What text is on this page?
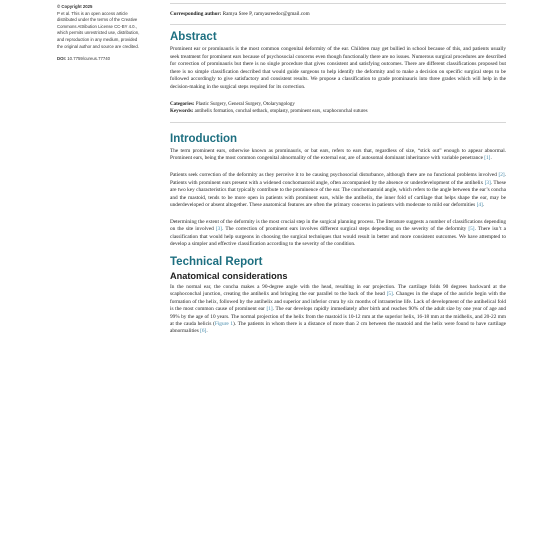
© Copyright 2025
P et al. This is an open access article
distributed under the terms of the Creative
Commons Attribution License CC-BY 4.0.,
which permits unrestricted use, distribution,
and reproduction in any medium, provided
the original author and source are credited.
DOI: 10.7759/cureus.77740
Corresponding author: Ramya Sree P, ramyasreedoc@gmail.com
Abstract

Prominent ear or prominauris is the most common congenital deformity of the ear. Children may get bullied in school because of this, and patients usually seek treatment for prominent ears because of psychosocial concerns even though functionally there are no issues. Numerous surgical procedures are described for correction of prominauris but there is no single procedure that gives consistent and satisfying outcomes. There are different classifications proposed but there is no simple classification described that would guide surgeons to help identify the deformity and to make a decision on specific surgical steps to be followed accordingly to give satisfactory and consistent results. We propose a classification to grade prominauris into three grades which will help in the decision-making in the surgical steps required for its correction.

Categories: Plastic Surgery, General Surgery, Otolaryngology
Keywords: antihelix formation, conchal setback, otoplasty, prominent ears, scaphoconchal sutures
Introduction

The term prominent ears, otherwise known as prominauris, or bat ears, refers to ears that, regardless of size, “stick out” enough to appear abnormal. Prominent ears, being the most common congenital abnormality of the external ear, are of autosomal dominant inheritance with variable penetrance [1].

Patients seek correction of the deformity as they perceive it to be causing psychosocial disturbance, although there are no functional problems involved [2]. Patients with prominent ears present with a widened conchomastoid angle, often accompanied by the absence or underdevelopment of the antihelix [3]. These are two key characteristics that typically contribute to the prominence of the ear. The conchomastoid angle, which refers to the angle between the ear’s concha and the mastoid, tends to be more open in patients with prominent ears, while the antihelix, the inner fold of cartilage that helps shape the ear, may be underdeveloped or absent altogether. These anatomical features are often the primary concerns in patients with moderate to mild ear deformities [4].

Determining the extent of the deformity is the most crucial step in the surgical planning process. The literature suggests a number of classifications depending on the site involved [3]. The correction of prominent ears involves different surgical steps depending on the severity of the deformity [5]. There isn’t a classification that would help surgeons in choosing the surgical techniques that would result in better and more consistent outcomes. We have attempted to develop a simpler and effective classification according to the severity of the condition.

Technical Report
Anatomical considerations

In the normal ear, the concha makes a 90-degree angle with the head, resulting in ear projection. The cartilage folds 90 degrees backward at the scaphoconchal junction, creating the antihelix and bringing the ear parallel to the back of the head [5]. Changes in the shape of the auricle begin with the formation of the helix, followed by the antihelix and superior and inferior crura by six months of intrauterine life. Lack of development of the antihelical fold is the most common cause of prominent ear [1]. The ear develops rapidly immediately after birth and reaches 90% of the adult size by one year of age and 99% by the age of 10 years. The normal projection of the helix from the mastoid is 10-12 mm at the superior helix, 16-18 mm at the midhelix, and 20-22 mm at the cauda helicis (Figure 1). The patients in whom there is a distance of more than 2 cm between the mastoid and the helix were found to have cartilage abnormalities [6].
